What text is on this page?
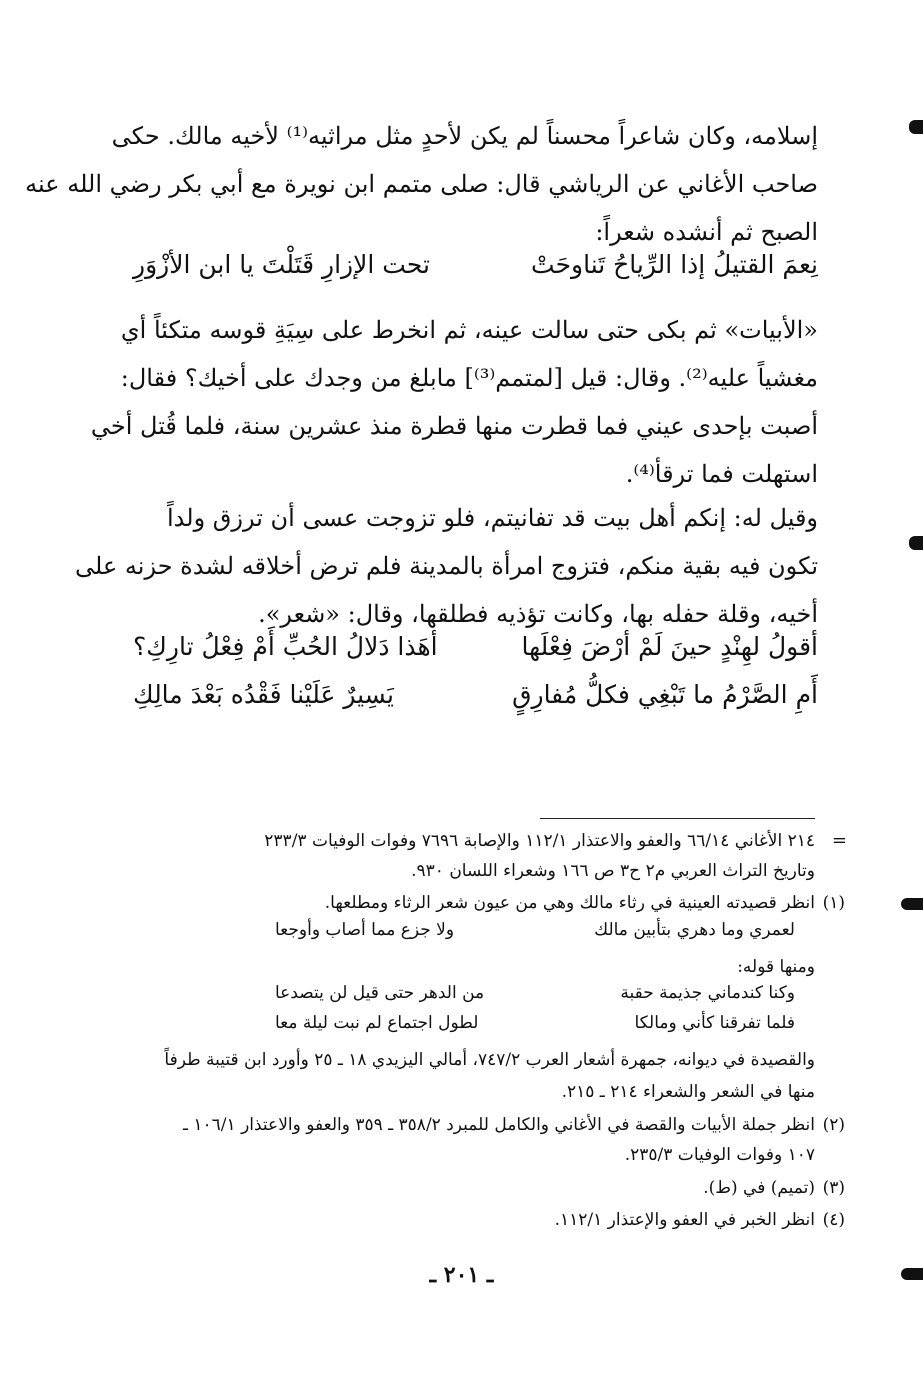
إسلامه، وكان شاعراً محسناً لم يكن لأحدٍ مثل مراثيه⁽¹⁾ لأخيه مالك. حكى
صاحب الأغاني عن الرياشي قال: صلى متمم ابن نويرة مع أبي بكر رضي الله عنه
الصبح ثم أنشده شعراً:
نِعمَ القتيلُ إذا الرِّياحُ تَناوحَتْ
تحت الإزارِ قَتَلْتَ يا ابن الأزْوَرِ
«الأبيات» ثم بكى حتى سالت عينه، ثم انخرط على سِيَةِ قوسه متكئاً أي
مغشياً عليه⁽²⁾. وقال: قيل [لمتمم⁽³⁾] مابلغ من وجدك على أخيك؟ فقال:
أصبت بإحدى عيني فما قطرت منها قطرة منذ عشرين سنة، فلما قُتل أخي
استهلت فما ترقأ⁽⁴⁾.
وقيل له: إنكم أهل بيت قد تفانيتم، فلو تزوجت عسى أن ترزق ولداً
تكون فيه بقية منكم، فتزوج امرأة بالمدينة فلم ترض أخلاقه لشدة حزنه على
أخيه، وقلة حفله بها، وكانت تؤذيه فطلقها، وقال: «شعر».
أقولُ لهِنْدٍ حينَ لَمْ أرْضَ فِعْلَها
أهَذا دَلالُ الحُبِّ أَمْ فِعْلُ تارِكِ؟
أَمِ الصَّرْمُ ما تَبْغِي فكلُّ مُفارِقٍ
يَسِيرٌ عَلَيْنا فَقْدُه بَعْدَ مالِكِ
=
٢١٤ الأغاني ٦٦/١٤ والعفو والاعتذار ١١٢/١ والإصابة ٧٦٩٦ وفوات الوفيات ٢٣٣/٣
وتاريخ التراث العربي م٢ ح٣ ص ١٦٦ وشعراء اللسان ٩٣٠.
(١)
انظر قصيدته العينية في رثاء مالك وهي من عيون شعر الرثاء ومطلعها.
لعمري وما دهري بتأبين مالك
ولا جزع مما أصاب وأوجعا
ومنها قوله:
وكنا كندماني جذيمة حقبة
من الدهر حتى قيل لن يتصدعا
فلما تفرقنا كأني ومالكا
لطول اجتماع لم نبت ليلة معا
والقصيدة في ديوانه، جمهرة أشعار العرب ٧٤٧/٢، أمالي اليزيدي ١٨ ـ ٢٥ وأورد ابن قتيبة طرفاً
منها في الشعر والشعراء ٢١٤ ـ ٢١٥.
(٢)
انظر جملة الأبيات والقصة في الأغاني والكامل للمبرد ٣٥٨/٢ ـ ٣٥٩ والعفو والاعتذار ١٠٦/١ ـ
١٠٧ وفوات الوفيات ٢٣٥/٣.
(٣)
(تميم) في (ط).
(٤)
انظر الخبر في العفو والإعتذار ١١٢/١.
ـ ٢٠١ ـ
